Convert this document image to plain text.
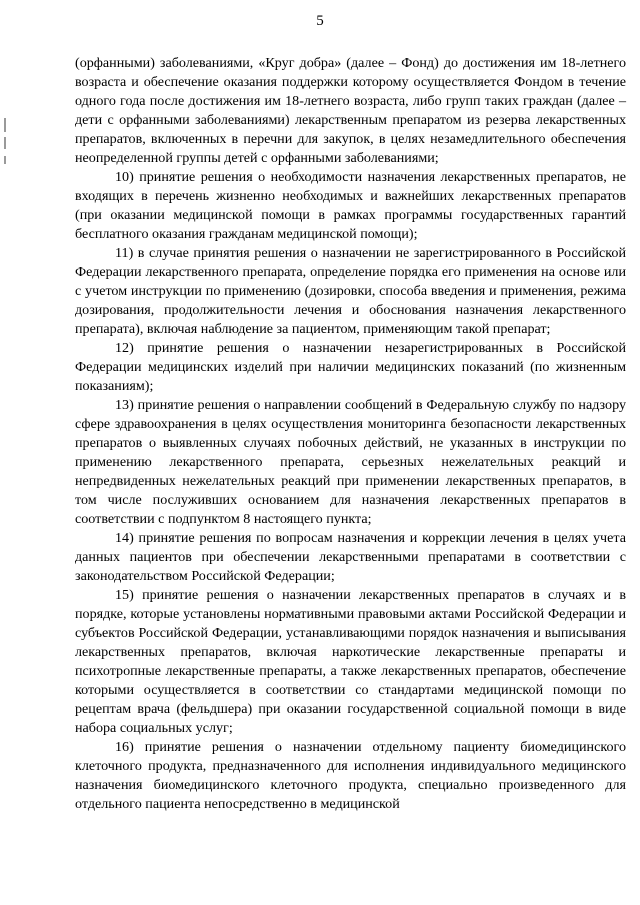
5

(орфанными) заболеваниями, «Круг добра» (далее – Фонд) до достижения им 18-летнего возраста и обеспечение оказания поддержки которому осуществляется Фондом в течение одного года после достижения им 18-летнего возраста, либо групп таких граждан (далее – дети с орфанными заболеваниями) лекарственным препаратом из резерва лекарственных препаратов, включенных в перечни для закупок, в целях незамедлительного обеспечения неопределенной группы детей с орфанными заболеваниями;

10) принятие решения о необходимости назначения лекарственных препаратов, не входящих в перечень жизненно необходимых и важнейших лекарственных препаратов (при оказании медицинской помощи в рамках программы государственных гарантий бесплатного оказания гражданам медицинской помощи);

11) в случае принятия решения о назначении не зарегистрированного в Российской Федерации лекарственного препарата, определение порядка его применения на основе или с учетом инструкции по применению (дозировки, способа введения и применения, режима дозирования, продолжительности лечения и обоснования назначения лекарственного препарата), включая наблюдение за пациентом, применяющим такой препарат;

12) принятие решения о назначении незарегистрированных в Российской Федерации медицинских изделий при наличии медицинских показаний (по жизненным показаниям);

13) принятие решения о направлении сообщений в Федеральную службу по надзору сфере здравоохранения в целях осуществления мониторинга безопасности лекарственных препаратов о выявленных случаях побочных действий, не указанных в инструкции по применению лекарственного препарата, серьезных нежелательных реакций и непредвиденных нежелательных реакций при применении лекарственных препаратов, в том числе послуживших основанием для назначения лекарственных препаратов в соответствии с подпунктом 8 настоящего пункта;

14) принятие решения по вопросам назначения и коррекции лечения в целях учета данных пациентов при обеспечении лекарственными препаратами в соответствии с законодательством Российской Федерации;

15) принятие решения о назначении лекарственных препаратов в случаях и в порядке, которые установлены нормативными правовыми актами Российской Федерации и субъектов Российской Федерации, устанавливающими порядок назначения и выписывания лекарственных препаратов, включая наркотические лекарственные препараты и психотропные лекарственные препараты, а также лекарственных препаратов, обеспечение которыми осуществляется в соответствии со стандартами медицинской помощи по рецептам врача (фельдшера) при оказании государственной социальной помощи в виде набора социальных услуг;

16) принятие решения о назначении отдельному пациенту биомедицинского клеточного продукта, предназначенного для исполнения индивидуального медицинского назначения биомедицинского клеточного продукта, специально произведенного для отдельного пациента непосредственно в медицинской
